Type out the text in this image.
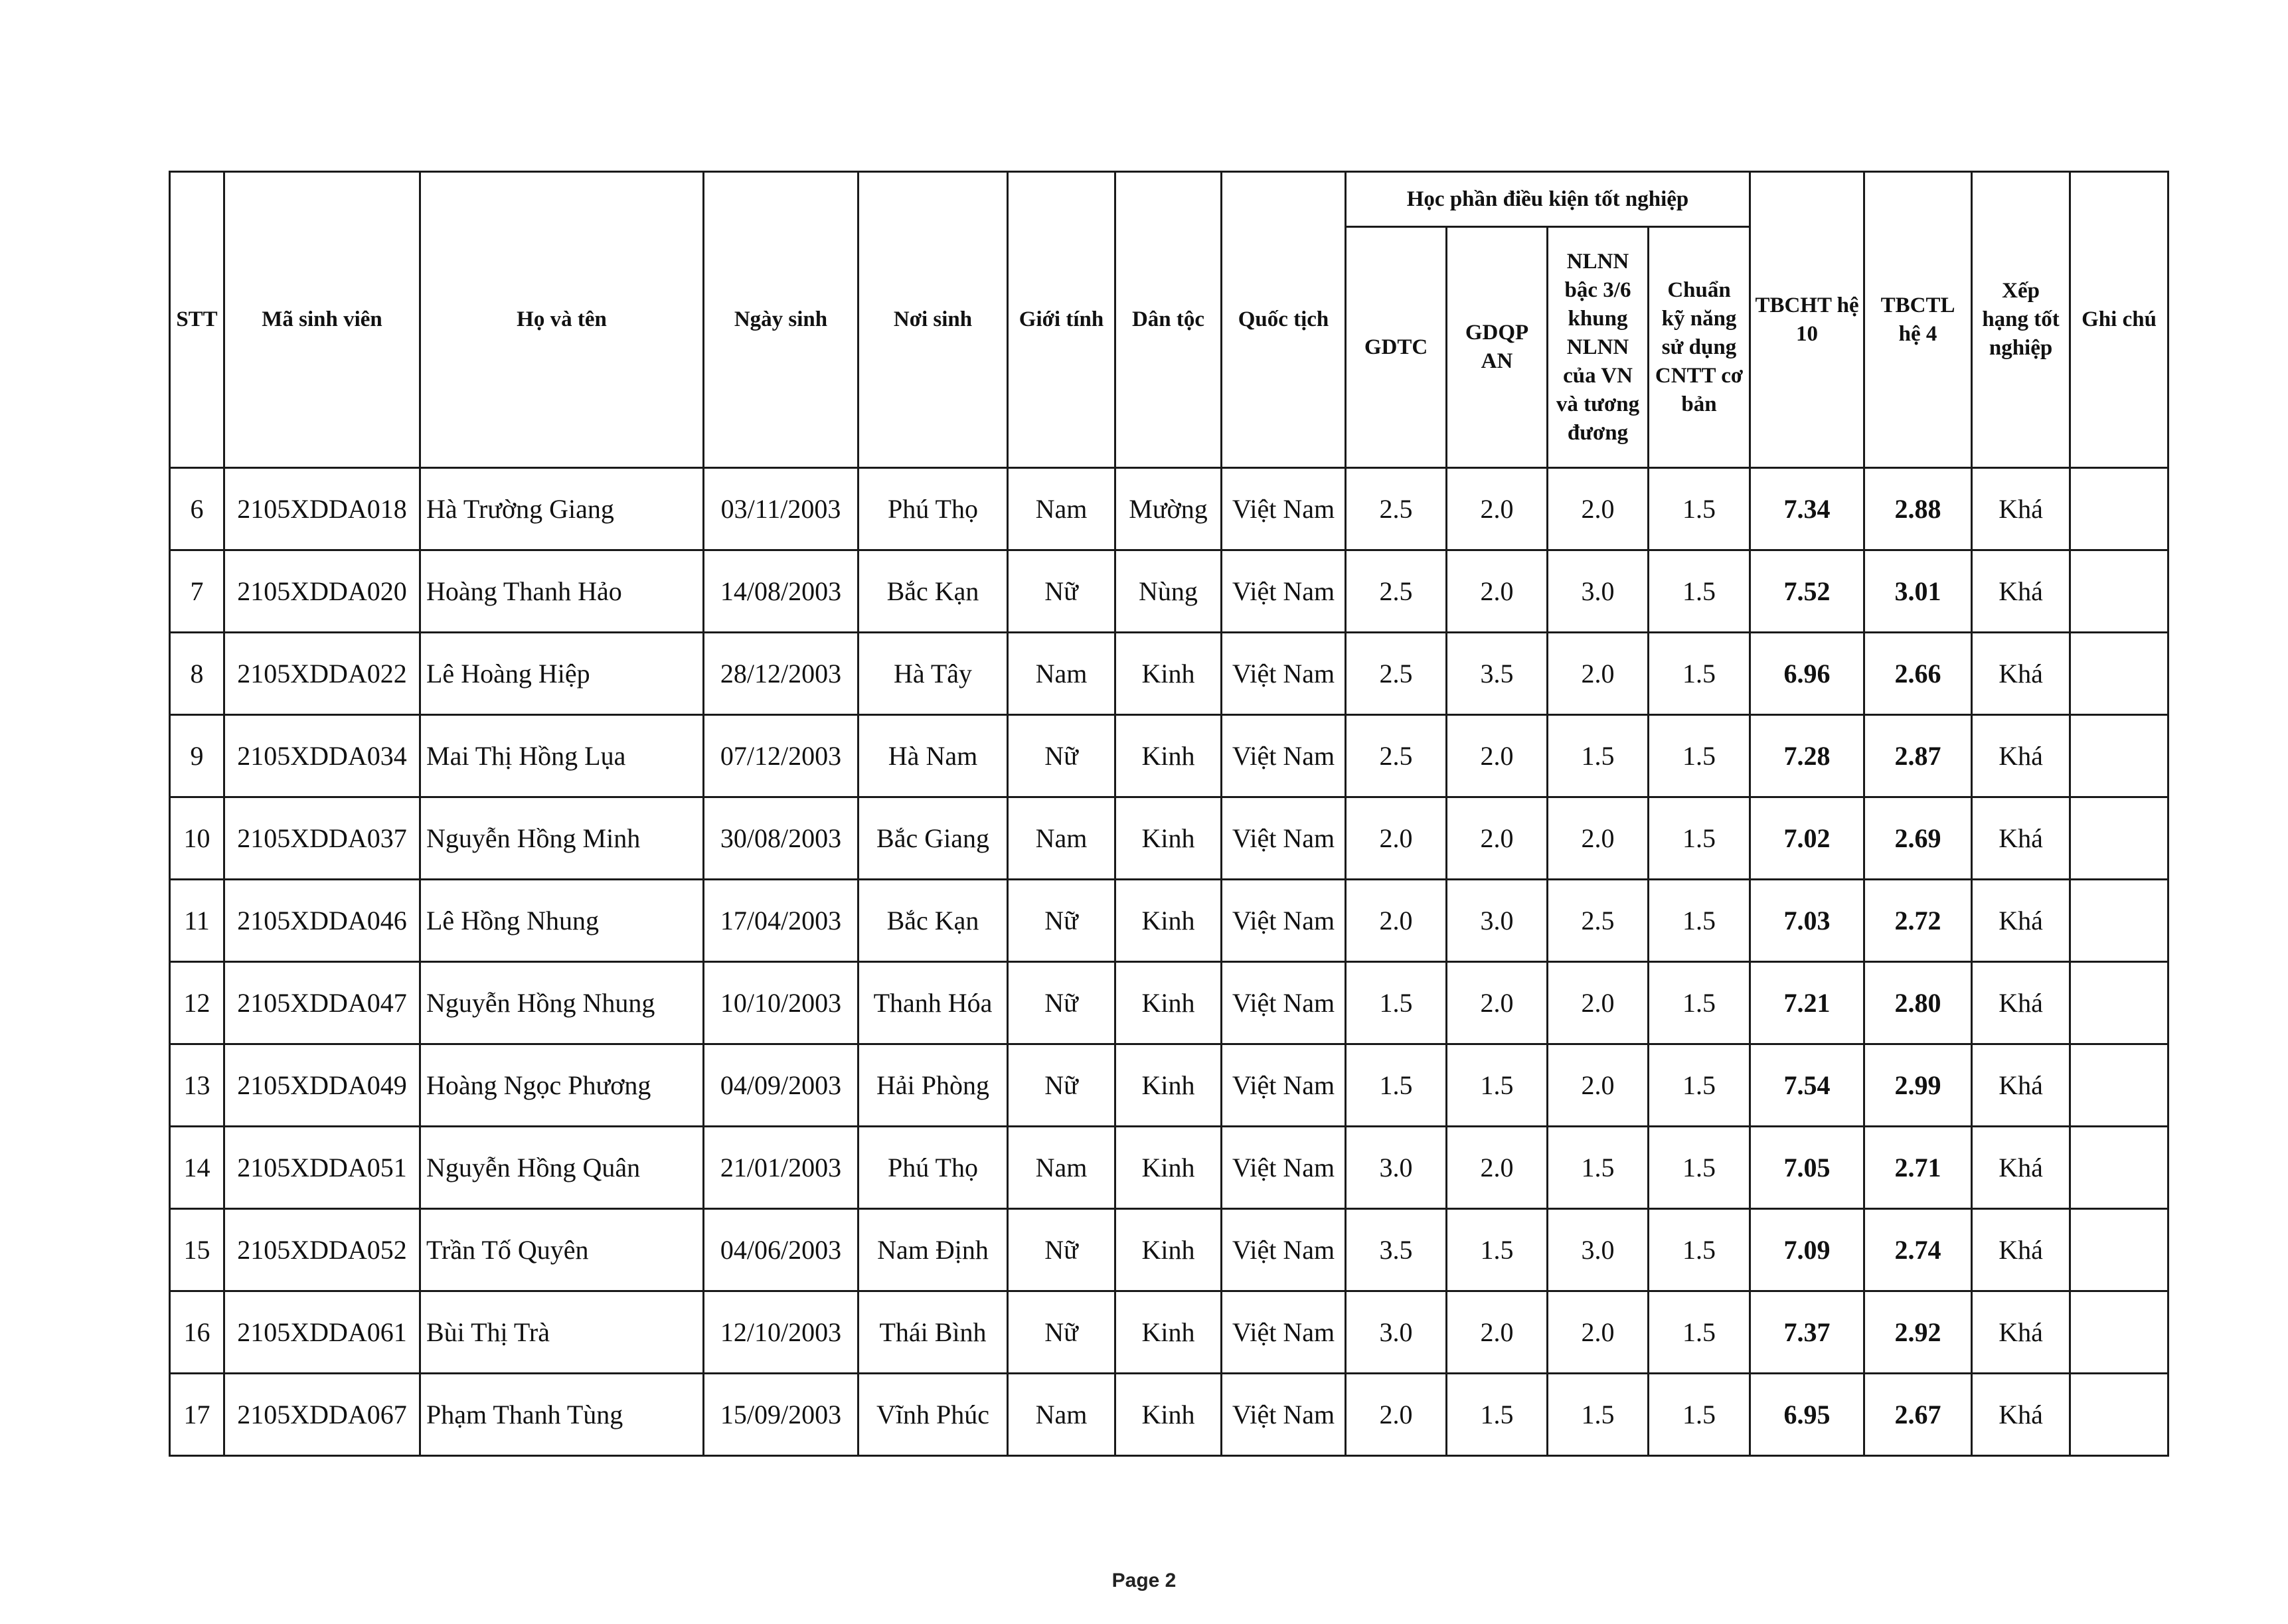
STT	Mã sinh viên	Họ và tên	Ngày sinh	Nơi sinh	Giới tính	Dân tộc	Quốc tịch	Học phần điều kiện tốt nghiệp				TBCHT hệ 10	TBCTL hệ 4	Xếp hạng tốt nghiệp	Ghi chú
								GDTC	GDQP AN	NLNN bậc 3/6 khung NLNN của VN và tương đương	Chuẩn kỹ năng sử dụng CNTT cơ bản				
6	2105XDDA018	Hà Trường Giang	03/11/2003	Phú Thọ	Nam	Mường	Việt Nam	2.5	2.0	2.0	1.5	7.34	2.88	Khá	
7	2105XDDA020	Hoàng Thanh Hảo	14/08/2003	Bắc Kạn	Nữ	Nùng	Việt Nam	2.5	2.0	3.0	1.5	7.52	3.01	Khá	
8	2105XDDA022	Lê Hoàng Hiệp	28/12/2003	Hà Tây	Nam	Kinh	Việt Nam	2.5	3.5	2.0	1.5	6.96	2.66	Khá	
9	2105XDDA034	Mai Thị Hồng Lụa	07/12/2003	Hà Nam	Nữ	Kinh	Việt Nam	2.5	2.0	1.5	1.5	7.28	2.87	Khá	
10	2105XDDA037	Nguyễn Hồng Minh	30/08/2003	Bắc Giang	Nam	Kinh	Việt Nam	2.0	2.0	2.0	1.5	7.02	2.69	Khá	
11	2105XDDA046	Lê Hồng Nhung	17/04/2003	Bắc Kạn	Nữ	Kinh	Việt Nam	2.0	3.0	2.5	1.5	7.03	2.72	Khá	
12	2105XDDA047	Nguyễn Hồng Nhung	10/10/2003	Thanh Hóa	Nữ	Kinh	Việt Nam	1.5	2.0	2.0	1.5	7.21	2.80	Khá	
13	2105XDDA049	Hoàng Ngọc Phương	04/09/2003	Hải Phòng	Nữ	Kinh	Việt Nam	1.5	1.5	2.0	1.5	7.54	2.99	Khá	
14	2105XDDA051	Nguyễn Hồng Quân	21/01/2003	Phú Thọ	Nam	Kinh	Việt Nam	3.0	2.0	1.5	1.5	7.05	2.71	Khá	
15	2105XDDA052	Trần Tố Quyên	04/06/2003	Nam Định	Nữ	Kinh	Việt Nam	3.5	1.5	3.0	1.5	7.09	2.74	Khá	
16	2105XDDA061	Bùi Thị Trà	12/10/2003	Thái Bình	Nữ	Kinh	Việt Nam	3.0	2.0	2.0	1.5	7.37	2.92	Khá	
17	2105XDDA067	Phạm Thanh Tùng	15/09/2003	Vĩnh Phúc	Nam	Kinh	Việt Nam	2.0	1.5	1.5	1.5	6.95	2.67	Khá	
Page 2
